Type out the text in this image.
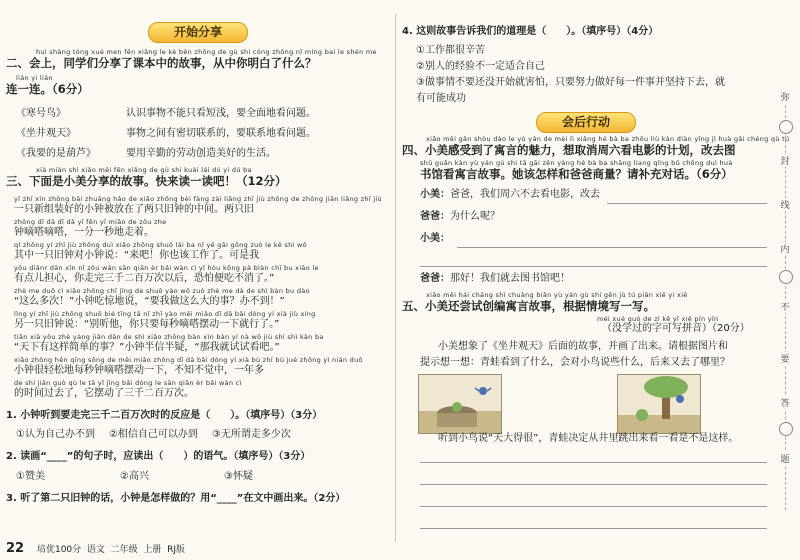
开始分享
huì shàng tóng xué men fēn xiǎng le kè běn zhōng de gù shi cóng zhōng nǐ míng bai le shén me
二、会上，同学们分享了课本中的故事，从中你明白了什么？
lián yi lián
连一连。（6分）
《寒号鸟》	认识事物不能只看短浅，要全面地看问题。
《坐井观天》	事物之间有密切联系的，要联系地看问题。
《我要的是葫芦》	要用辛勤的劳动创造美好的生活。
xià miàn shì xiǎo měi fēn xiǎng de gù shi kuài lái dú yi dú ba
三、下面是小美分享的故事。快来读一读吧！（12分）
yī zhī xīn zhōng bǎi zhuāng hǎo de xiǎo zhōng bèi fàng zài liǎng zhī jiù zhōng de zhōng jiān liǎng zhī jiù
一只新组装好的小钟被放在了两只旧钟的中间。两只旧
zhōng dī dā dī dā yī fēn yī miǎo de zǒu zhe
钟嘀嗒嘀嗒，一分一秒地走着。
qí zhōng yí zhī jiù zhōng duì xiǎo zhōng shuō lái ba nǐ yě gāi gōng zuò le kě shì wǒ
其中一只旧钟对小钟说：“来吧！你也该工作了。可是我
yǒu diǎnr dān xīn nǐ zǒu wán sān qiān èr bǎi wàn cì yǐ hòu kǒng pà biàn chī bu xiāo le
有点儿担心，你走完三千二百万次以后，恐怕便吃不消了。”
zhè me duō cì xiǎo zhōng chī jīng de shuō yào wǒ zuò zhè me dà de shì bàn bu dào
“这么多次！”小钟吃惊地说，“要我做这么大的事？办不到！”
lìng yí zhī jiù zhōng shuō bié tīng tā nǐ zhǐ yào měi miǎo dī dā bǎi dòng yí xià jiù xíng
另一只旧钟说：“别听他，你只要每秒嘀嗒摆动一下就行了。”
tiān xià yǒu zhè yàng jiǎn dān de shì xiǎo zhōng bàn xìn bàn yí nà wǒ jiù shì shì kàn ba
“天下有这样简单的事？”小钟半信半疑，“那我就试试看吧。”
xiǎo zhōng hěn qīng sōng de měi miǎo zhōng dī dā bǎi dòng yí xià bù zhī bù jué zhōng yì nián duō
小钟很轻松地每秒钟嘀嗒摆动一下，不知不觉中，一年多
de shí jiān guò qù le tā yǐ jīng bǎi dòng le sān qiān èr bǎi wàn cì
的时间过去了，它摆动了三千二百万次。
1. 小钟听到要走完三千二百万次时的反应是（　　）。（填序号）（3分）
①认为自己办不到 ②相信自己可以办到 ③无所谓走多少次
2. 读画“____”的句子时，应读出（　　）的语气。（填序号）（3分）
①赞美	②高兴	③怀疑
3. 听了第二只旧钟的话，小钟是怎样做的？用“____”在文中画出来。（2分）
4. 这则故事告诉我们的道理是（　　）。（填序号）（4分）
①工作都很辛苦
②别人的经验不一定适合自己
③做事情不要还没开始就害怕，只要努力做好每一件事并坚持下去，就
有可能成功
会后行动
xiǎo měi gǎn shòu dào le yù yán de mèi lì xiǎng hé bà ba zhōu liù kàn diàn yǐng jì huà gǎi chéng qù tú
四、小美感受到了寓言的魅力，想取消周六看电影的计划，改去图
shū guǎn kàn yù yán gù shi tā gāi zěn yàng hé bà ba shāng liang qǐng bǔ chōng duì huà
书馆看寓言故事。她该怎样和爸爸商量？请补充对话。（6分）
小美：爸爸，我们周六不去看电影，改去
爸爸：为什么呢？
小美：
爸爸：那好！我们就去图书馆吧！
xiǎo měi hái cháng shì chuàng biān yù yán gù shi gēn jù tú piàn xiě yi xiě
五、小美还尝试创编寓言故事，根据情境写一写。
méi xué guò de zì kě yǐ xiě pīn yīn
（没学过的字可写拼音）（20分）
小美想象了《坐井观天》后面的故事，并画了出来。请根据图片和
提示想一想：青蛙看到了什么，会对小鸟说些什么，后来又去了哪里？
听到小鸟说“天大得很”，青蛙决定从井里跳出来看一看是不是这样。
弥
封
线
内
不
要
答
题
22 培优100分 语文 二年级 上册 RJ版
